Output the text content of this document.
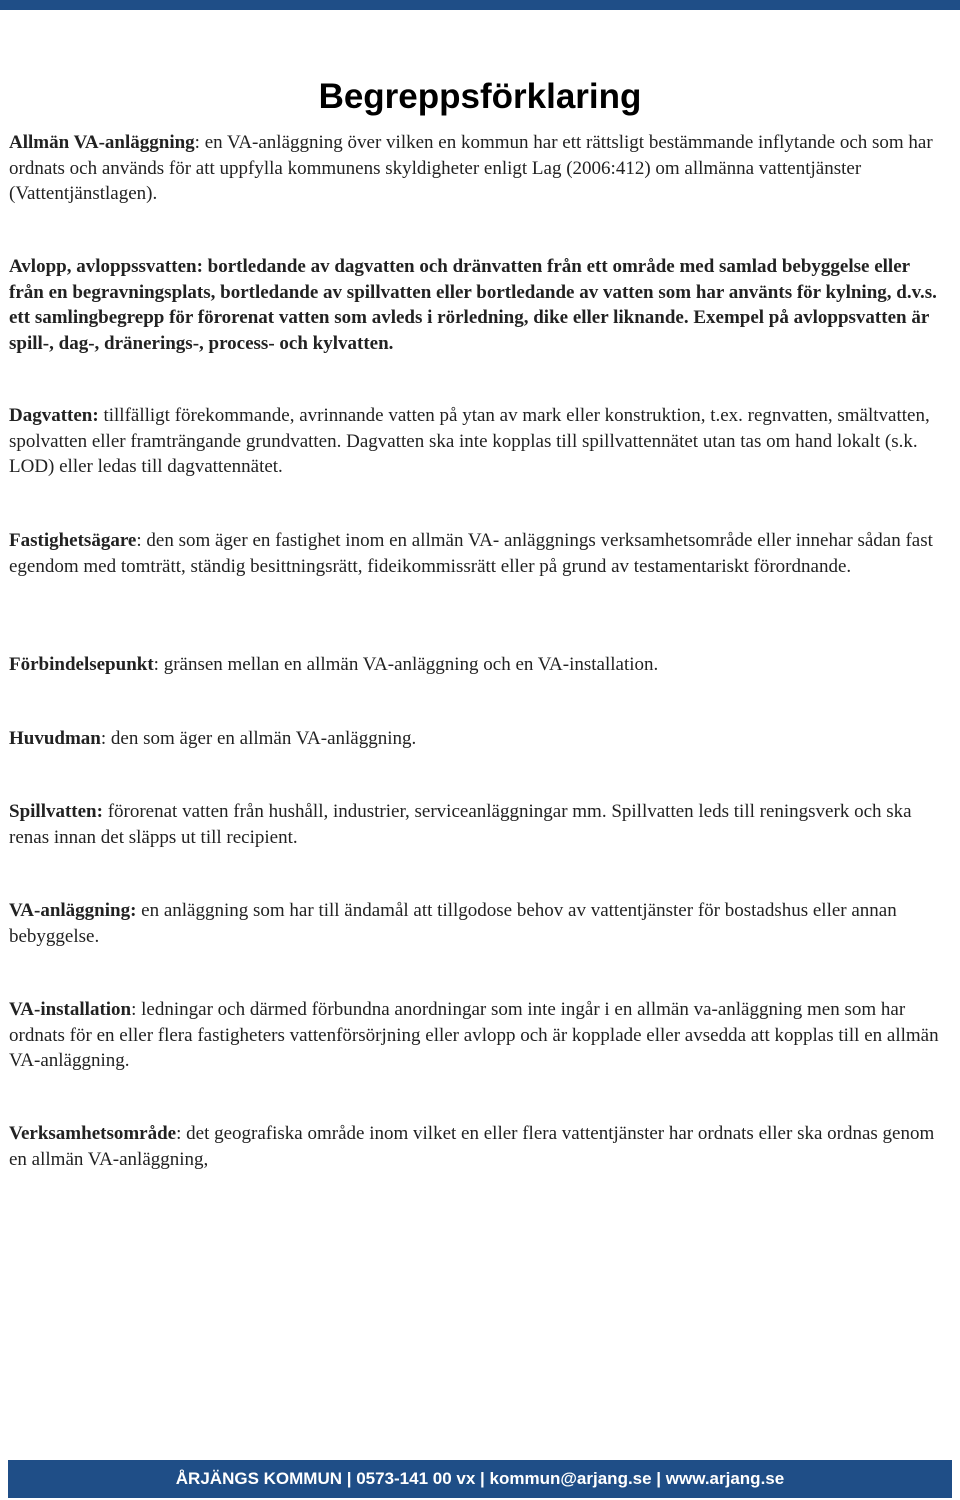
Begreppsförklaring

Allmän VA-anläggning: en VA-anläggning över vilken en kommun har ett rättsligt bestämmande inflytande och som har ordnats och används för att uppfylla kommunens skyldigheter enligt Lag (2006:412) om allmänna vattentjänster (Vattentjänstlagen).

Avlopp, avloppssvatten: bortledande av dagvatten och dränvatten från ett område med samlad bebyggelse eller från en begravningsplats, bortledande av spillvatten eller bortledande av vatten som har använts för kylning, d.v.s. ett samlingbegrepp för förorenat vatten som avleds i rörledning, dike eller liknande. Exempel på avloppsvatten är spill-, dag-, dränerings-, process- och kylvatten.

Dagvatten: tillfälligt förekommande, avrinnande vatten på ytan av mark eller konstruktion, t.ex. regnvatten, smältvatten, spolvatten eller framträngande grundvatten. Dagvatten ska inte kopplas till spillvattennätet utan tas om hand lokalt (s.k. LOD) eller ledas till dagvattennätet.

Fastighetsägare: den som äger en fastighet inom en allmän VA- anläggnings verksamhetsområde eller innehar sådan fast egendom med tomträtt, ständig besittningsrätt, fideikommissrätt eller på grund av testamentariskt förordnande.

Förbindelsepunkt: gränsen mellan en allmän VA-anläggning och en VA-installation.

Huvudman: den som äger en allmän VA-anläggning.

Spillvatten: förorenat vatten från hushåll, industrier, serviceanläggningar mm. Spillvatten leds till reningsverk och ska renas innan det släpps ut till recipient.

VA-anläggning: en anläggning som har till ändamål att tillgodose behov av vattentjänster för bostadshus eller annan bebyggelse.

VA-installation: ledningar och därmed förbundna anordningar som inte ingår i en allmän va-anläggning men som har ordnats för en eller flera fastigheters vattenförsörjning eller avlopp och är kopplade eller avsedda att kopplas till en allmän VA-anläggning.

Verksamhetsområde: det geografiska område inom vilket en eller flera vattentjänster har ordnats eller ska ordnas genom en allmän VA-anläggning,

ÅRJÄNGS KOMMUN | 0573-141 00 vx | kommun@arjang.se | www.arjang.se
